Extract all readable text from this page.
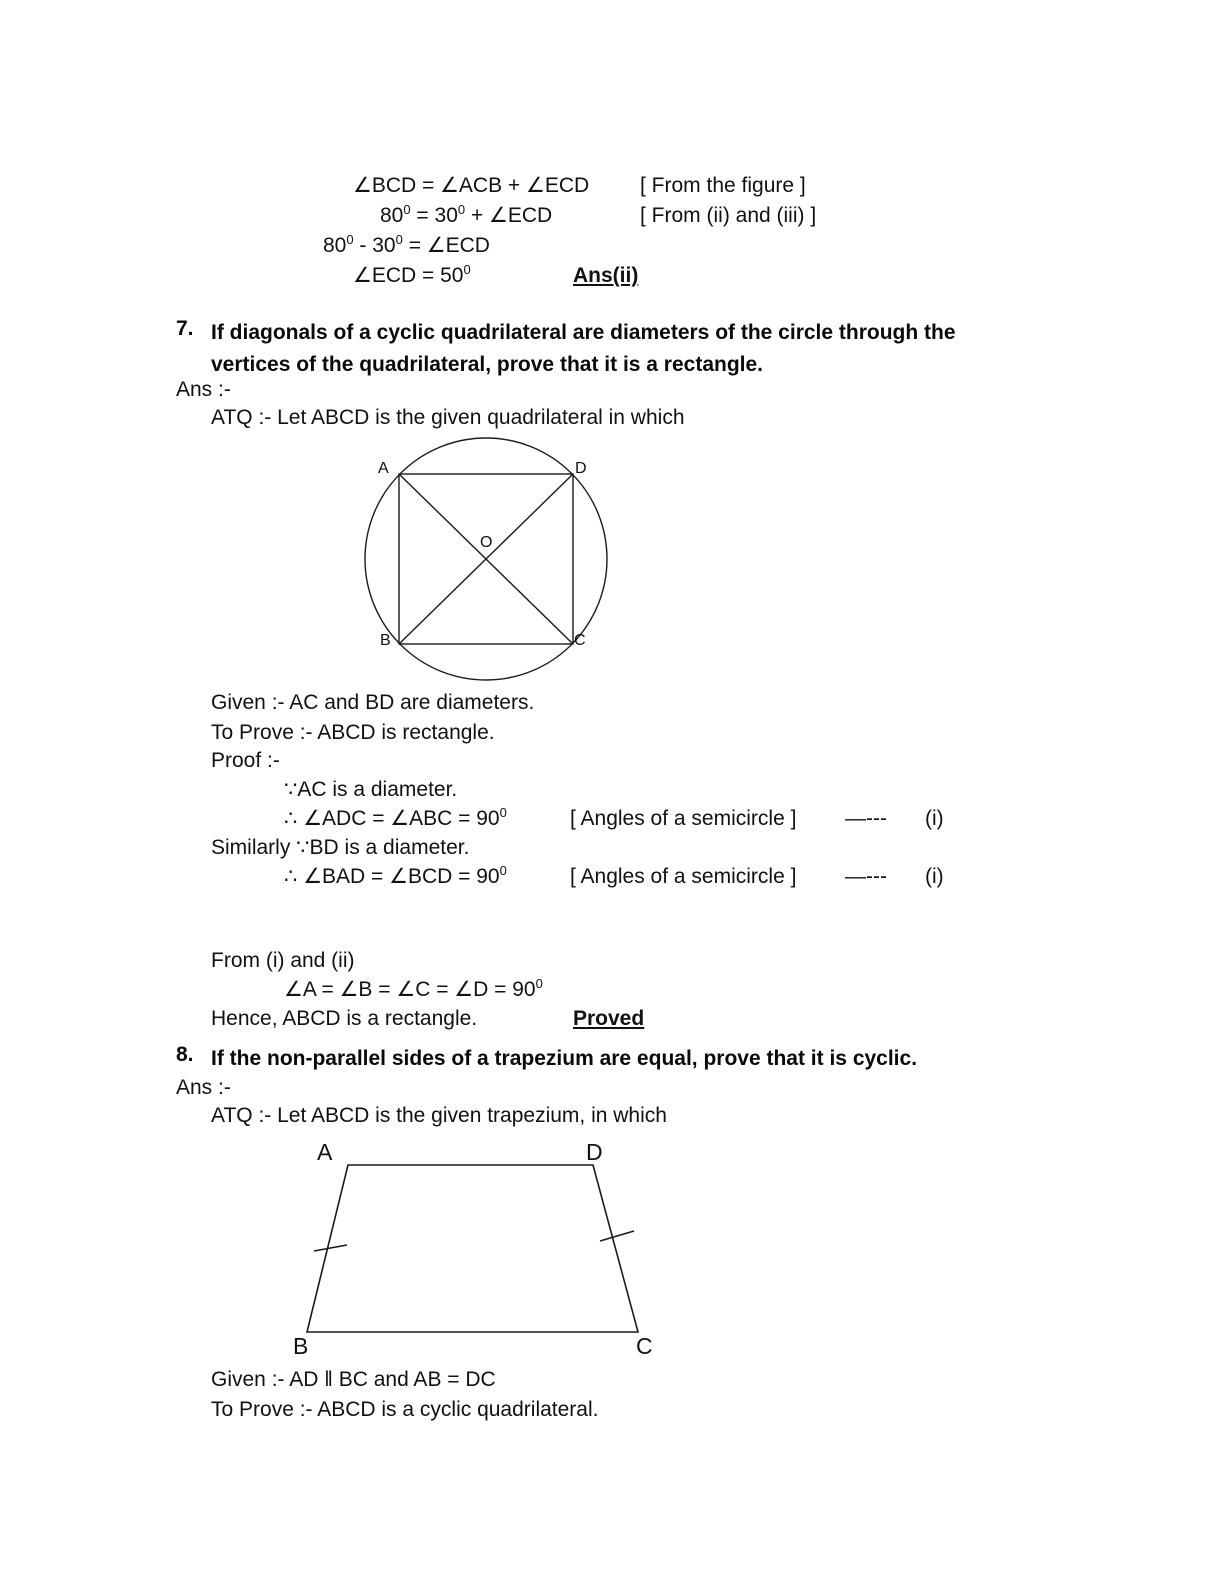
∠BCD = ∠ACB + ∠ECD [ From the figure ]
$80^0 = 30^0$ + ∠ECD	[ From (ii) and (iii) ]
$80^0 - 30^0$ = ∠ECD
∠ECD = $50^0$	Ans(ii)
7. If diagonals of a cyclic quadrilateral are diameters of the circle through the vertices of the quadrilateral, prove that it is a rectangle.
Ans :-
ATQ :- Let ABCD is the given quadrilateral in which
A	D
B	C
O
Given :- AC and BD are diameters.
To Prove :- ABCD is rectangle.
Proof :-
∵AC is a diameter.
∴ ∠ADC = ∠ABC = $90^0$	[ Angles of a semicircle ] —--- (i)
Similarly ∵BD is a diameter.
∴ ∠BAD = ∠BCD = $90^0$	[ Angles of a semicircle ] —--- (i)
From (i) and (ii)
∠A = ∠B = ∠C = ∠D = $90^0$
Hence, ABCD is a rectangle.	Proved
8. If the non-parallel sides of a trapezium are equal, prove that it is cyclic.
Ans :-
ATQ :- Let ABCD is the given trapezium, in which
A	D
B	C
Given :- AD ‖ BC and AB = DC
To Prove :- ABCD is a cyclic quadrilateral.
